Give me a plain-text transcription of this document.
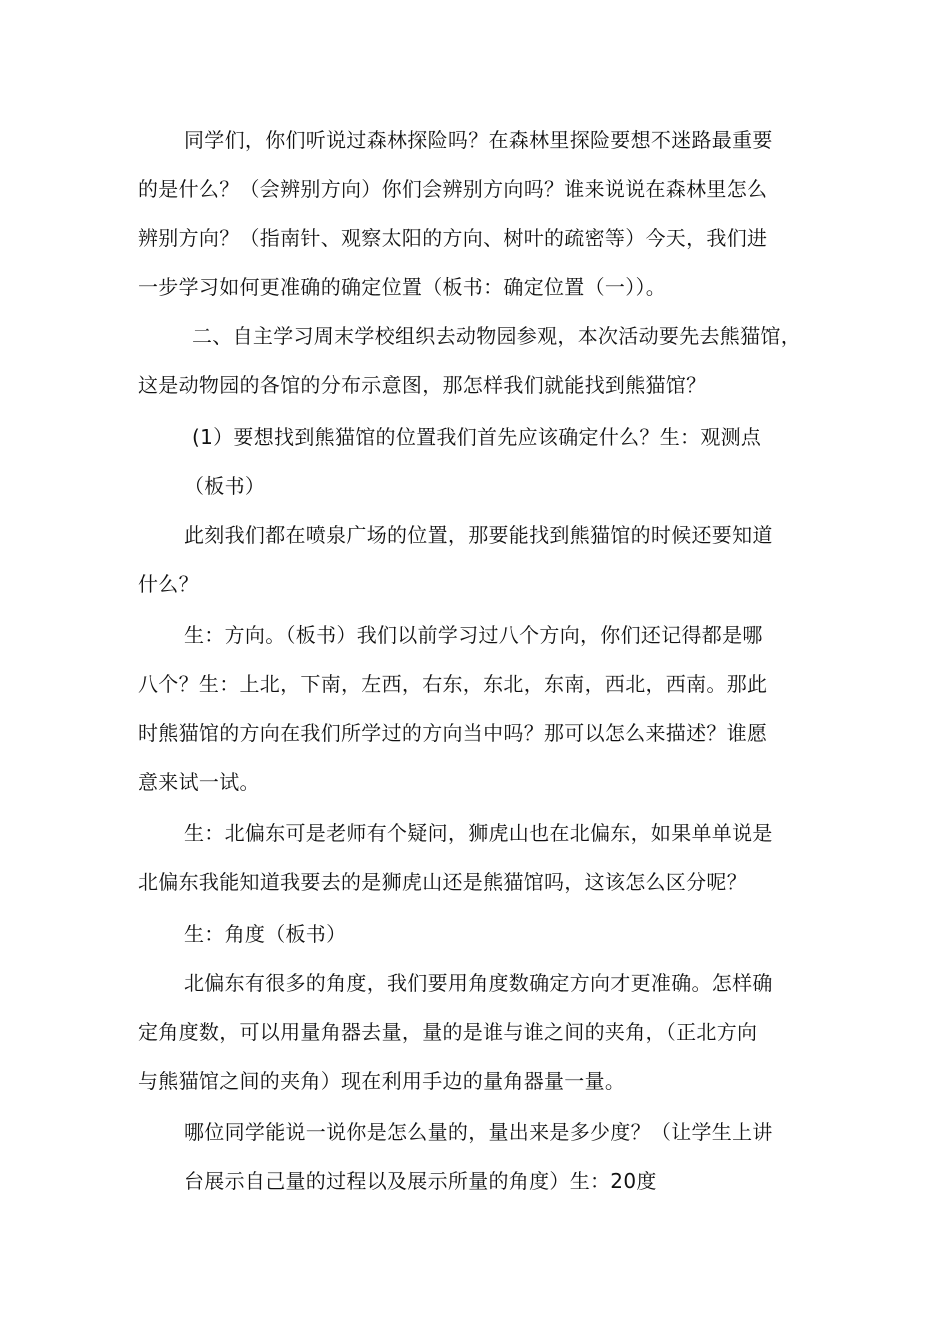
同学们，你们听说过森林探险吗？在森林里探险要想不迷路最重要
的是什么？（会辨别方向）你们会辨别方向吗？谁来说说在森林里怎么
辨别方向？（指南针、观察太阳的方向、树叶的疏密等）今天，我们进
一步学习如何更准确的确定位置（板书：确定位置（一））。
二、自主学习周末学校组织去动物园参观，本次活动要先去熊猫馆，
这是动物园的各馆的分布示意图，那怎样我们就能找到熊猫馆？
(1）要想找到熊猫馆的位置我们首先应该确定什么？生：观测点
（板书）
此刻我们都在喷泉广场的位置，那要能找到熊猫馆的时候还要知道
什么？
生：方向。（板书）我们以前学习过八个方向，你们还记得都是哪
八个？生：上北，下南，左西，右东，东北，东南，西北，西南。那此
时熊猫馆的方向在我们所学过的方向当中吗？那可以怎么来描述？谁愿
意来试一试。
生：北偏东可是老师有个疑问，狮虎山也在北偏东，如果单单说是
北偏东我能知道我要去的是狮虎山还是熊猫馆吗，这该怎么区分呢？
生：角度（板书）
北偏东有很多的角度，我们要用角度数确定方向才更准确。怎样确
定角度数，可以用量角器去量，量的是谁与谁之间的夹角，（正北方向
与熊猫馆之间的夹角）现在利用手边的量角器量一量。
哪位同学能说一说你是怎么量的，量出来是多少度？（让学生上讲
台展示自己量的过程以及展示所量的角度）生：20度
